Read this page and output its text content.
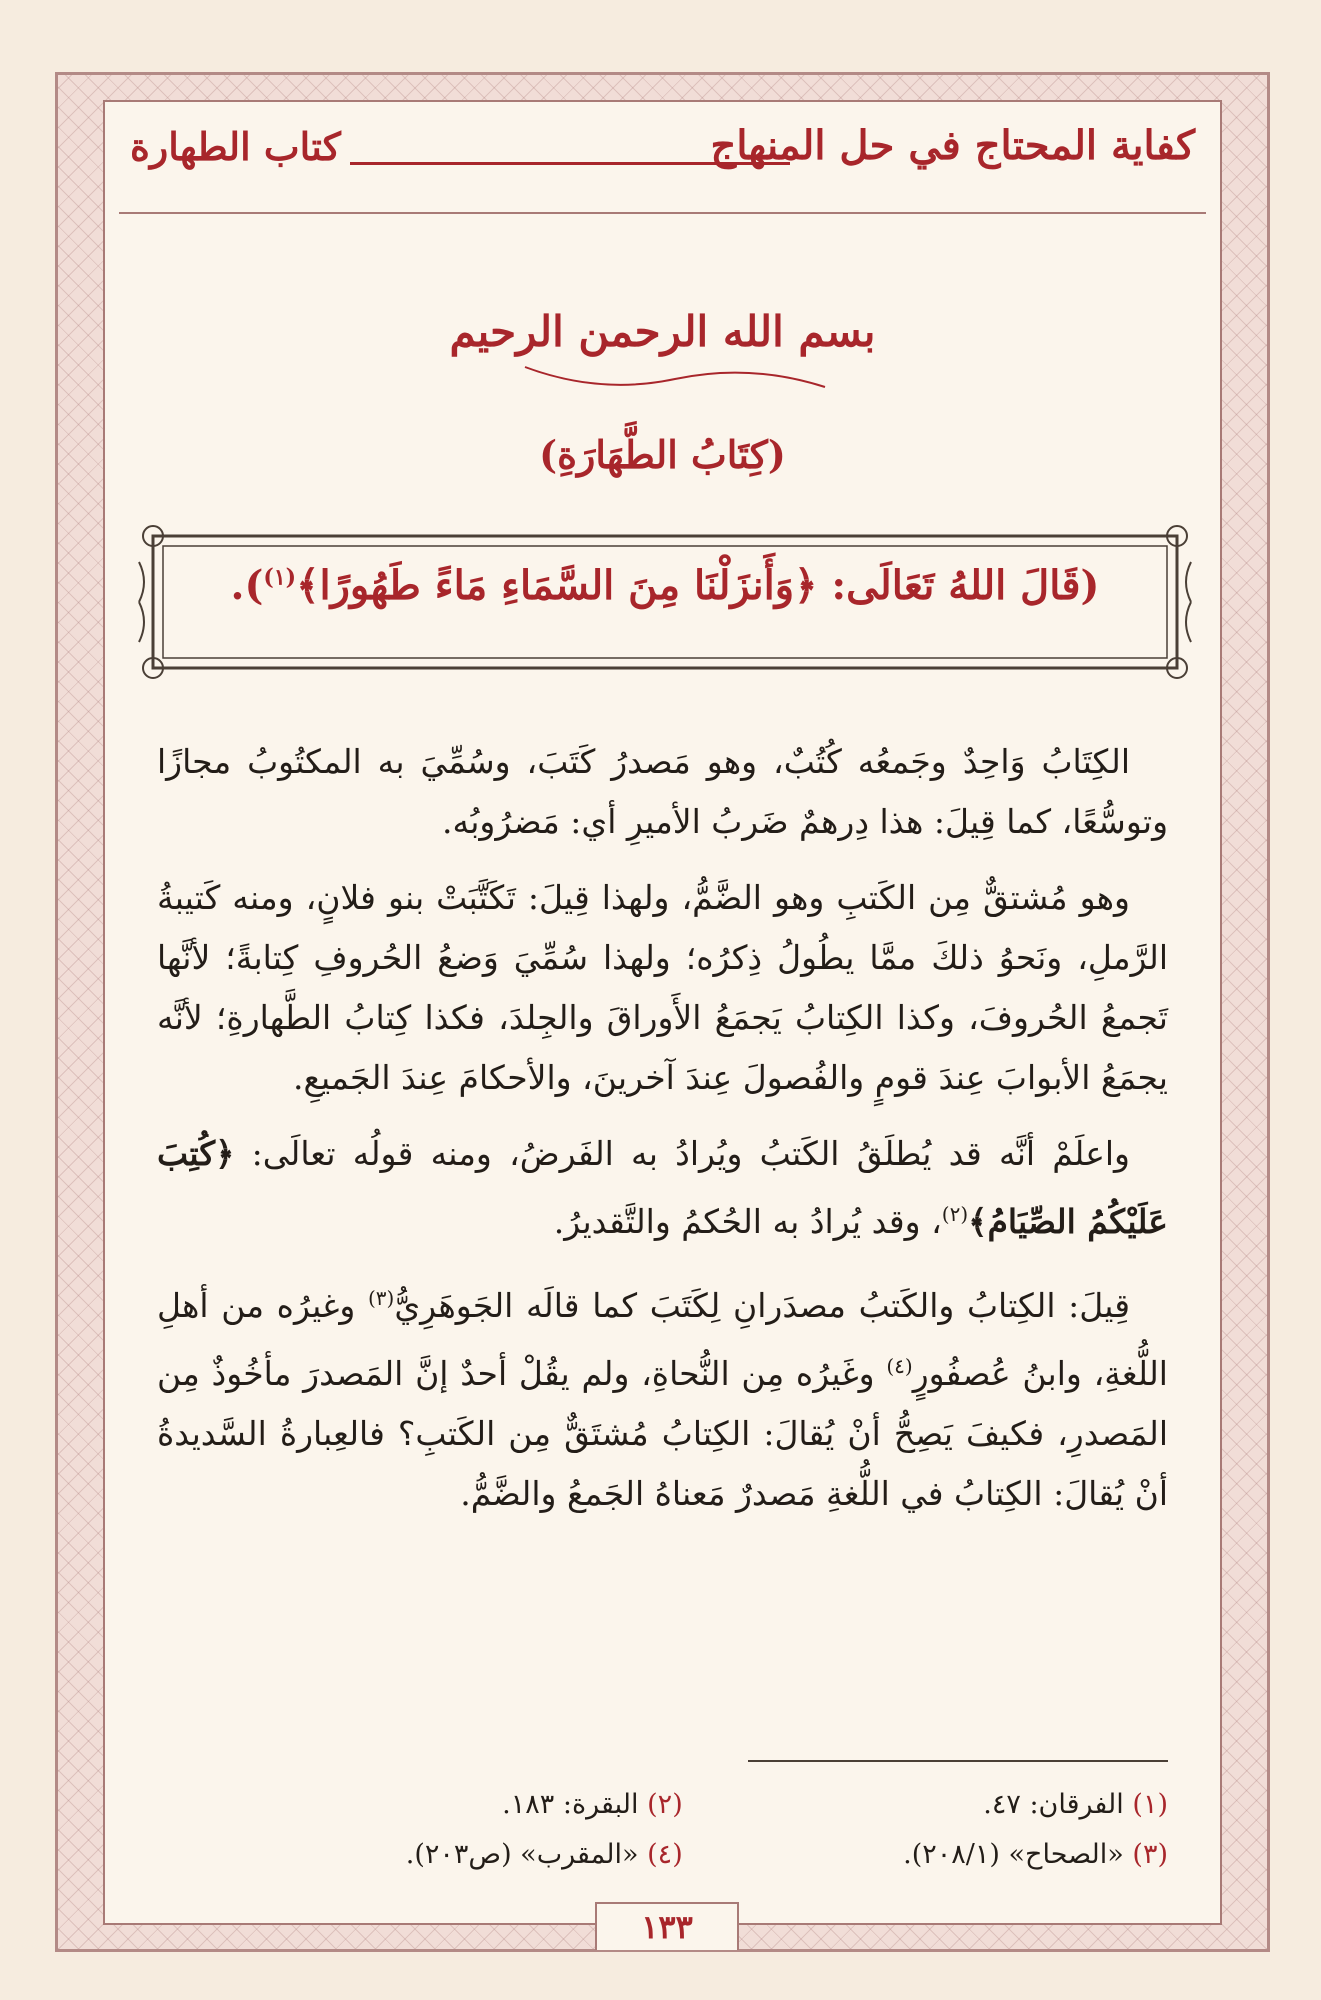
كفاية المحتاج في حل المنهاج
كتاب الطهارة
بسم الله الرحمن الرحيم
(كِتَابُ الطَّهَارَةِ)
(قَالَ اللهُ تَعَالَى: ﴿وَأَنزَلْنَا مِنَ السَّمَاءِ مَاءً طَهُورًا﴾$^{(١)}$).

الكِتَابُ وَاحِدٌ وجَمعُه كُتُبٌ، وهو مَصدرُ كَتَبَ، وسُمِّيَ به المكتُوبُ مجازًا وتوسُّعًا، كما قِيلَ: هذا دِرهمٌ ضَربُ الأميرِ أي: مَضرُوبُه.

وهو مُشتقٌّ مِن الكَتبِ وهو الضَّمُّ، ولهذا قِيلَ: تَكَتَّبَتْ بنو فلانٍ، ومنه كَتيبةُ الرَّملِ، ونَحوُ ذلكَ ممَّا يطُولُ ذِكرُه؛ ولهذا سُمِّيَ وَضعُ الحُروفِ كِتابةً؛ لأنَّها تَجمعُ الحُروفَ، وكذا الكِتابُ يَجمَعُ الأَوراقَ والجِلدَ، فكذا كِتابُ الطَّهارةِ؛ لأنَّه يجمَعُ الأبوابَ عِندَ قومٍ والفُصولَ عِندَ آخرينَ، والأحكامَ عِندَ الجَميعِ.

واعلَمْ أنَّه قد يُطلَقُ الكَتبُ ويُرادُ به الفَرضُ، ومنه قولُه تعالَى: ﴿كُتِبَ عَلَيْكُمُ الصِّيَامُ﴾$^{(٢)}$، وقد يُرادُ به الحُكمُ والتَّقديرُ.

قِيلَ: الكِتابُ والكَتبُ مصدَرانِ لِكَتَبَ كما قالَه الجَوهَرِيُّ$^{(٣)}$ وغيرُه من أهلِ اللُّغةِ، وابنُ عُصفُورٍ$^{(٤)}$ وغَيرُه مِن النُّحاةِ، ولم يقُلْ أحدٌ إنَّ المَصدرَ مأخُوذٌ مِن المَصدرِ، فكيفَ يَصِحُّ أنْ يُقالَ: الكِتابُ مُشتَقٌّ مِن الكَتبِ؟ فالعِبارةُ السَّديدةُ أنْ يُقالَ: الكِتابُ في اللُّغةِ مَصدرٌ مَعناهُ الجَمعُ والضَّمُّ.

(١) الفرقان: ٤٧.
(٢) البقرة: ١٨٣.
(٣) «الصحاح» (٢٠٨/١).
(٤) «المقرب» (ص٢٠٣).
١٣٣
